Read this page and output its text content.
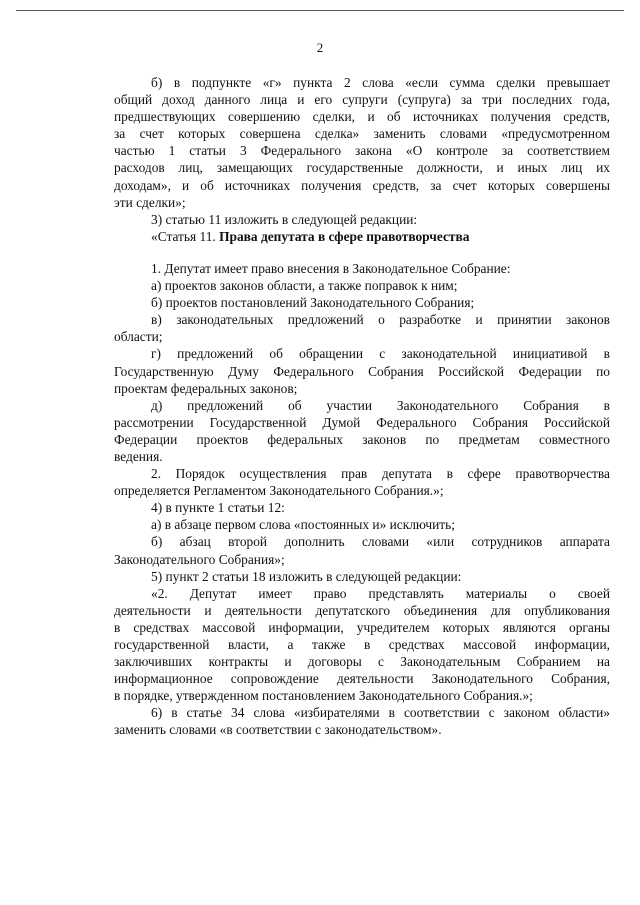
2
б) в подпункте «г» пункта 2 слова «если сумма сделки превышает
общий доход данного лица и его супруги (супруга) за три последних года,
предшествующих совершению сделки, и об источниках получения средств,
за счет которых совершена сделка» заменить словами «предусмотренном
частью 1 статьи 3 Федерального закона «О контроле за соответствием
расходов лиц, замещающих государственные должности, и иных лиц их
доходам», и об источниках получения средств, за счет которых совершены
эти сделки»;
3) статью 11 изложить в следующей редакции:
«Статья 11. Права депутата в сфере правотворчества
1. Депутат имеет право внесения в Законодательное Собрание:
а) проектов законов области, а также поправок к ним;
б) проектов постановлений Законодательного Собрания;
в) законодательных предложений о разработке и принятии законов
области;
г) предложений об обращении с законодательной инициативой в
Государственную Думу Федерального Собрания Российской Федерации по
проектам федеральных законов;
д) предложений об участии Законодательного Собрания в
рассмотрении Государственной Думой Федерального Собрания Российской
Федерации проектов федеральных законов по предметам совместного
ведения.
2. Порядок осуществления прав депутата в сфере правотворчества
определяется Регламентом Законодательного Собрания.»;
4) в пункте 1 статьи 12:
а) в абзаце первом слова «постоянных и» исключить;
б) абзац второй дополнить словами «или сотрудников аппарата
Законодательного Собрания»;
5) пункт 2 статьи 18 изложить в следующей редакции:
«2. Депутат имеет право представлять материалы о своей
деятельности и деятельности депутатского объединения для опубликования
в средствах массовой информации, учредителем которых являются органы
государственной власти, а также в средствах массовой информации,
заключивших контракты и договоры с Законодательным Собранием на
информационное сопровождение деятельности Законодательного Собрания,
в порядке, утвержденном постановлением Законодательного Собрания.»;
6) в статье 34 слова «избирателями в соответствии с законом области»
заменить словами «в соответствии с законодательством».
